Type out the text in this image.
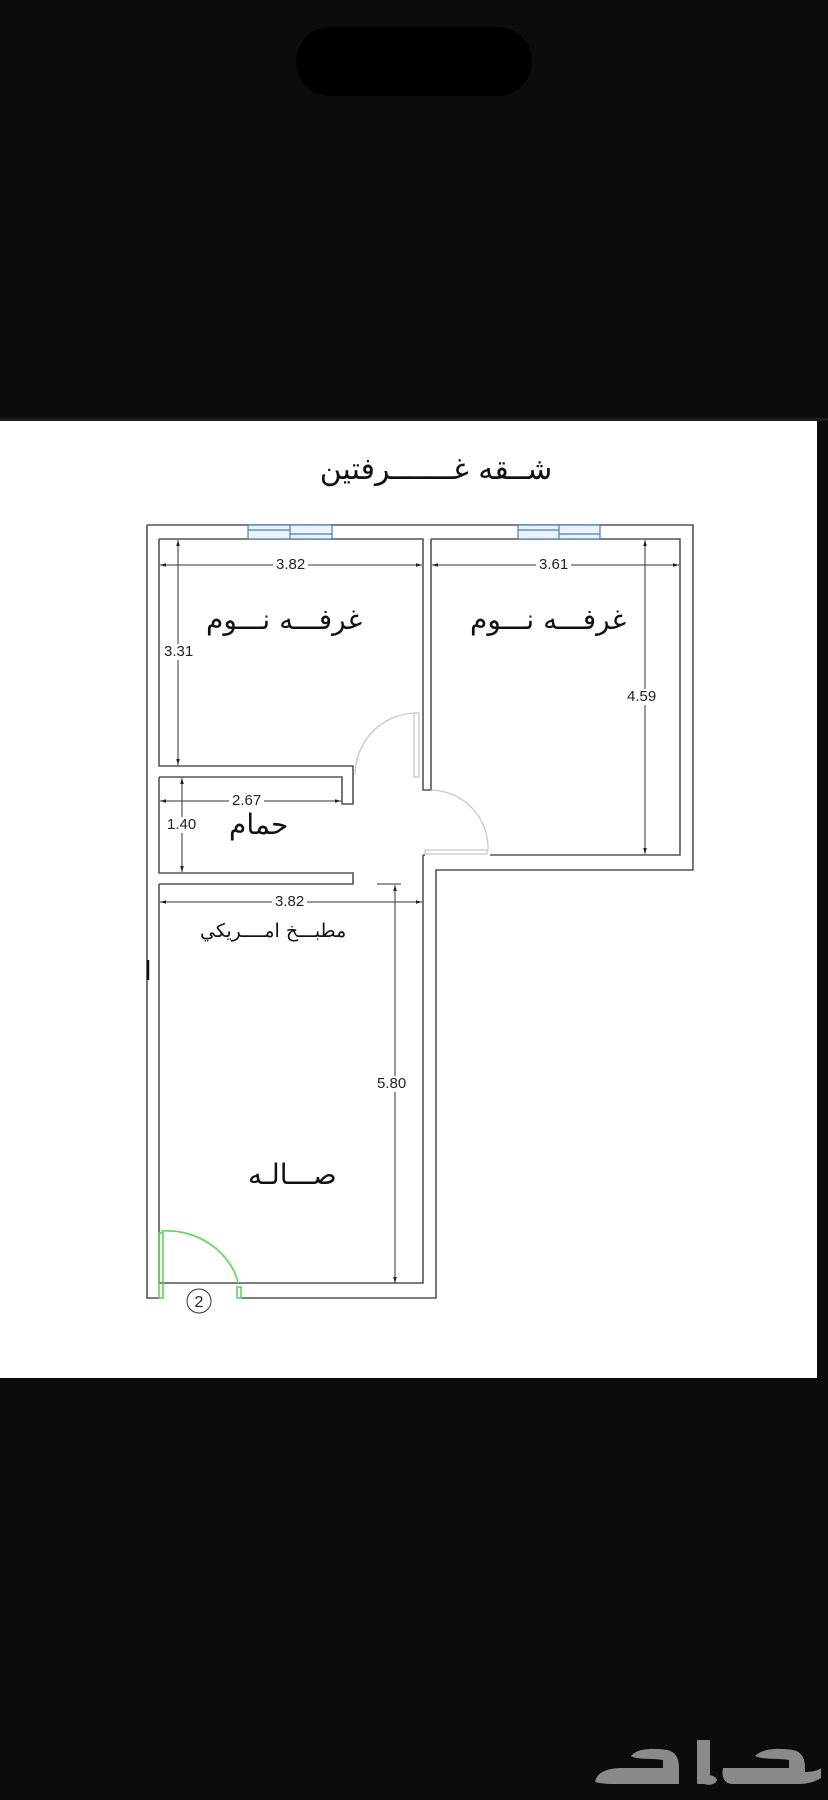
2
شــقه غـــــــرفتين
3.82
3.31
3.61
4.59
2.67
1.40
3.82
5.80
غرفـــه نـــوم	غرفـــه نـــوم
حمام
مطبـــخ امــــريكي
صـــالـه
حراج
